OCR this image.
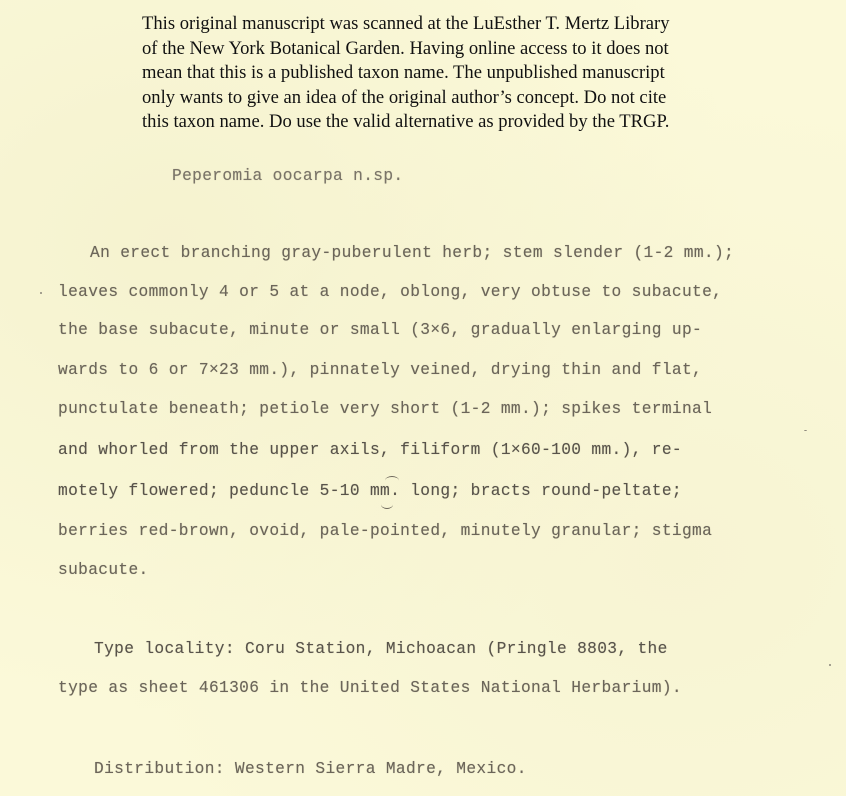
This original manuscript was scanned at the LuEsther T. Mertz Library
of the New York Botanical Garden. Having online access to it does not
mean that this is a published taxon name. The unpublished manuscript
only wants to give an idea of the original author’s concept. Do not cite
this taxon name. Do use the valid alternative as provided by the TRGP.
Peperomia oocarpa n.sp.
An erect branching gray-puberulent herb; stem slender (1-2 mm.);
leaves commonly 4 or 5 at a node, oblong, very obtuse to subacute,
the base subacute, minute or small (3×6, gradually enlarging up-
wards to 6 or 7×23 mm.), pinnately veined, drying thin and flat,
punctulate beneath; petiole very short (1-2 mm.); spikes terminal
and whorled from the upper axils, filiform (1×60-100 mm.), re-
motely flowered; peduncle 5-10 mm. long; bracts round-peltate;
berries red-brown, ovoid, pale-pointed, minutely granular; stigma
subacute.
Type locality: Coru Station, Michoacan (Pringle 8803, the
type as sheet 461306 in the United States National Herbarium).
Distribution: Western Sierra Madre, Mexico.
